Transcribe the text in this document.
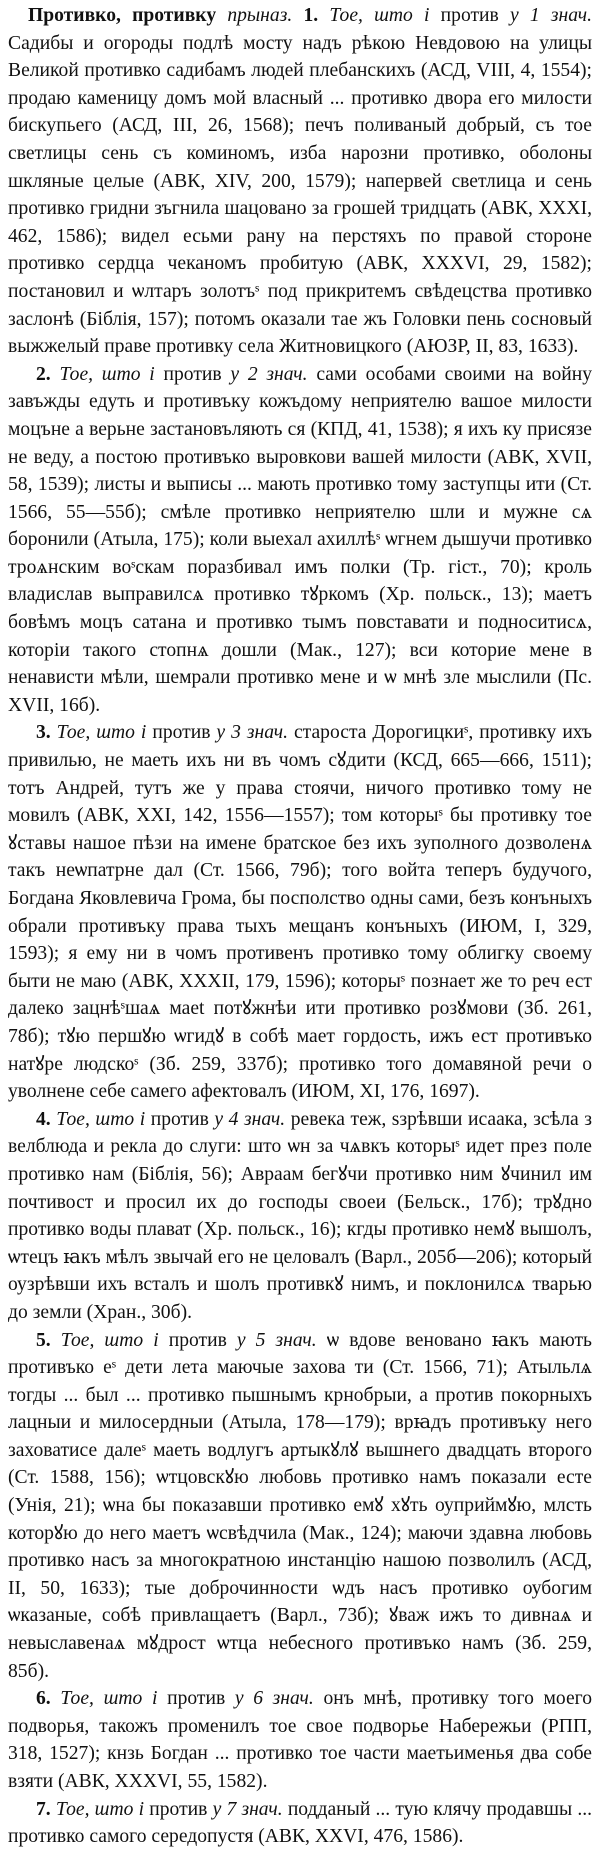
Противко, противку прыназ. 1. Тое, што і против у 1 знач. Садибы и огороды подлѣ мосту надъ рѣкою Невдовою на улицы Великой противко садибамъ людей плебанскихъ (АСД, VIII, 4, 1554); продаю каменицу домъ мой власный ... противко двора его милости бискупьего (АСД, III, 26, 1568); печъ поливаный добрый, съ тое светлицы сень съ коминомъ, изба нарозни противко, оболоны шкляные целые (АВК, XIV, 200, 1579); напервей светлица и сень противко гридни зъгнила шацовано за грошей тридцать (АВК, XXXI, 462, 1586); видел есьми рану на перстяхъ по правой стороне противко сердца чеканомъ пробитую (АВК, XXXVI, 29, 1582); постановил и ѡлтаръ золотъˢ под прикритемъ свѣдецства противко заслонѣ (Біблія, 157); потомъ оказали тае жъ Головки пень сосновый выжжелый праве противку села Житновицкого (АЮЗР, II, 83, 1633).

2. Тое, што і против у 2 знач. сами особами своими на войну завъжды едуть и противъку кожъдому неприятелю вашое милости моцъне а верьне застановъляють ся (КПД, 41, 1538); я ихъ ку присязе не веду, а постою противъко выровкови вашей милости (АВК, XVII, 58, 1539); листы и выписы ... мають противко тому заступцы ити (Ст. 1566, 55—55б); смѣле противко неприятелю шли и мужне сѧ боронили (Атыла, 175); коли выехал ахиллѣˢ ѡгнем дышучи противко троѧнским воˢскам поразбивал имъ полки (Тр. гіст., 70); кроль владислав выправилсѧ противко тꙋркомъ (Хр. польск., 13); маетъ бовѣмъ моцъ сатана и противко тымъ повставати и подноситисѧ, которіи такого стопнѧ дошли (Мак., 127); вси которие мене в ненависти мѣли, шемрали противко мене и ѡ мнѣ зле мыслили (Пс. XVII, 16б).

3. Тое, што і против у 3 знач. староста Дорогицкиˢ, противку ихъ привилью, не маеть ихъ ни въ чомъ сꙋдити (КСД, 665—666, 1511); тотъ Андрей, тутъ же у права стоячи, ничого противко тому не мовилъ (АВК, XXI, 142, 1556—1557); том которыˢ бы противку тое ꙋставы нашое пѣзи на имене братское без ихъ зуполного дозволенѧ такъ неѡпатрне дал (Ст. 1566, 79б); того войта теперъ будучого, Богдана Яковлевича Грома, бы посполство одны сами, безъ конъныхъ обрали противъку права тыхъ мещанъ конъныхъ (ИЮМ, I, 329, 1593); я ему ни в чомъ противенъ противко тому облигку своему быти не маю (АВК, XXXII, 179, 1596); которыˢ познает же то реч ест далеко зацнѣˢшаѧ маеt потꙋжнѣи ити противко розꙋмови (Зб. 261, 78б); тꙋю першꙋю ѡгидꙋ в собѣ мает гордость, ижъ ест противъко натꙋре людскоˢ (Зб. 259, 337б); противко того домавяной речи о уволнене себе самего афектовалъ (ИЮМ, XI, 176, 1697).

4. Тое, што і против у 4 знач. ревека теж, ѕзрѣвши исаака, зсѣла з велблюда и рекла до слуги: што ѡн за чѧвкъ которыˢ идет през поле противко нам (Біблія, 56); Авраам бегꙋчи противко ним ꙋчинил им почтивост и просил их до господы своеи (Бельск., 17б); трꙋдно противко воды плават (Хр. польск., 16); кгды противко немꙋ вышолъ, ѡтецъ ꙗкъ мѣлъ звычай его не целовалъ (Варл., 205б—206); который оузрѣвши ихъ всталъ и шолъ противкꙋ нимъ, и поклонилсѧ тварью до земли (Хран., 30б).

5. Тое, што і против у 5 знач. ѡ вдове веновано ꙗкъ мають противъко еˢ дети лета маючые захова ти (Ст. 1566, 71); Атыльлѧ тогды ... был ... противко пышнымъ крнобрыи, а против покорныхъ лацныи и милосердныи (Атыла, 178—179); врꙗдъ противъку него заховатисе далеˢ маеть водлугъ артыкꙋлꙋ вышнего двадцать второго (Ст. 1588, 156); ѡтцовскꙋю любовь противко намъ показали есте (Унія, 21); ѡна бы показавши противко емꙋ хꙋть оуприймꙋю, млсть которꙋю до него маетъ ѡсвѣдчила (Мак., 124); маючи здавна любовь противко насъ за многократною инстанцію нашою позволилъ (АСД, II, 50, 1633); тые доброчинности ѡдъ насъ противко оубогим ѡказаные, собѣ привлащаетъ (Варл., 73б); ꙋваж ижъ то дивнаѧ и невыславенаѧ мꙋдрост ѡтца небесного противъко намъ (Зб. 259, 85б).

6. Тое, што і против у 6 знач. онъ мнѣ, противку того моего подворья, такожъ променилъ тое свое подворье Набережьи (РПП, 318, 1527); кнзь Богдан ... противко тое части маетьименья два собе взяти (АВК, XXXVI, 55, 1582).

7. Тое, што і против у 7 знач. подданый ... тую клячу продавшы ... противко самого середопустя (АВК, XXVI, 476, 1586).
